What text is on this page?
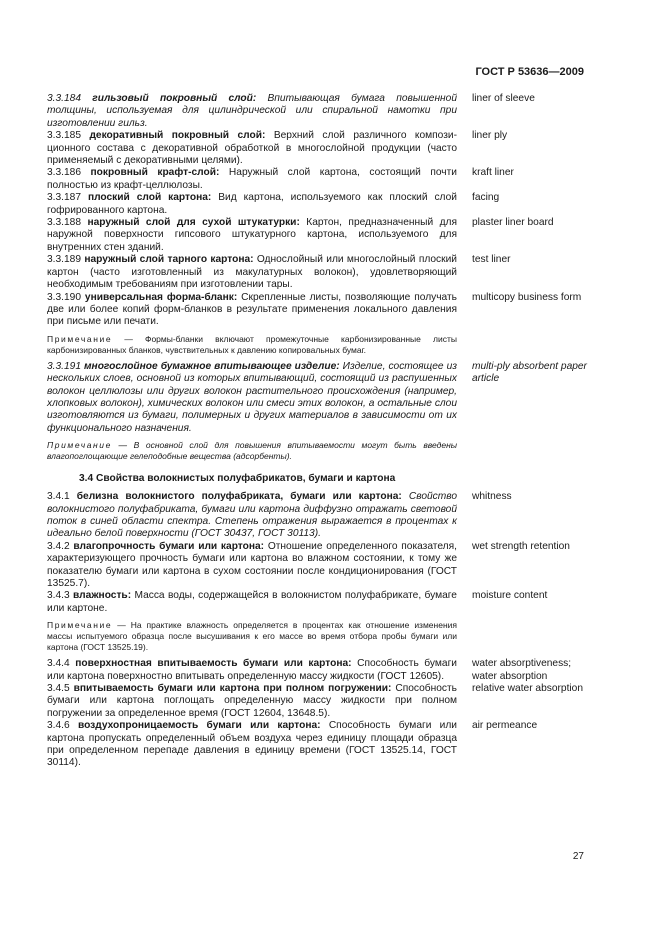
ГОСТ Р 53636—2009
3.3.184 гильзовый покровный слой: Впитывающая бумага повышенной толщины, используемая для цилиндрической или спиральной намотки при изготовлении гильз.
liner of sleeve
3.3.185 декоративный покровный слой: Верхний слой различного композиционного состава с декоративной обработкой в многослойной продукции (часто применяемый с декоративными целями).
liner ply
3.3.186 покровный крафт-слой: Наружный слой картона, состоящий почти полностью из крафт-целлюлозы.
kraft liner
3.3.187 плоский слой картона: Вид картона, используемого как плоский слой гофрированного картона.
facing
3.3.188 наружный слой для сухой штукатурки: Картон, предназначенный для наружной поверхности гипсового штукатурного картона, используемого для внутренних стен зданий.
plaster liner board
3.3.189 наружный слой тарного картона: Однослойный или многослойный плоский картон (часто изготовленный из макулатурных волокон), удовлетворяющий необходимым требованиям при изготовлении тары.
test liner
3.3.190 универсальная форма-бланк: Скрепленные листы, позволяющие получать две или более копий форм-бланков в результате применения локального давления при письме или печати.
multicopy business form
Примечание — Формы-бланки включают промежуточные карбонизированные листы карбонизированных бланков, чувствительных к давлению копировальных бумаг.
3.3.191 многослойное бумажное впитывающее изделие: Изделие, состоящее из нескольких слоев, основной из которых впитывающий, состоящий из распушенных волокон целлюлозы или других волокон растительного происхождения (например, хлопковых волокон), химических волокон или смеси этих волокон, а остальные слои изготовляются из бумаги, полимерных и других материалов в зависимости от их функционального назначения.
multi-ply absorbent paper article
Примечание — В основной слой для повышения впитываемости могут быть введены влагопоглощающие гелеподобные вещества (адсорбенты).
3.4 Свойства волокнистых полуфабрикатов, бумаги и картона
3.4.1 белизна волокнистого полуфабриката, бумаги или картона: Свойство волокнистого полуфабриката, бумаги или картона диффузно отражать световой поток в синей области спектра. Степень отражения выражается в процентах к идеально белой поверхности (ГОСТ 30437, ГОСТ 30113).
whitness
3.4.2 влагопрочность бумаги или картона: Отношение определенного показателя, характеризующего прочность бумаги или картона во влажном состоянии, к тому же показателю бумаги или картона в сухом состоянии после кондиционирования (ГОСТ 13525.7).
wet strength retention
3.4.3 влажность: Масса воды, содержащейся в волокнистом полуфабрикате, бумаге или картоне.
moisture content
Примечание — На практике влажность определяется в процентах как отношение изменения массы испытуемого образца после высушивания к его массе во время отбора пробы бумаги или картона (ГОСТ 13525.19).
3.4.4 поверхностная впитываемость бумаги или картона: Способность бумаги или картона поверхностно впитывать определенную массу жидкости (ГОСТ 12605).
water absorptiveness; water absorption
3.4.5 впитываемость бумаги или картона при полном погружении: Способность бумаги или картона поглощать определенную массу жидкости при полном погружении за определенное время (ГОСТ 12604, 13648.5).
relative water absorption
3.4.6 воздухопроницаемость бумаги или картона: Способность бумаги или картона пропускать определенный объем воздуха через единицу площади образца при определенном перепаде давления в единицу времени (ГОСТ 13525.14, ГОСТ 30114).
air permeance
27
